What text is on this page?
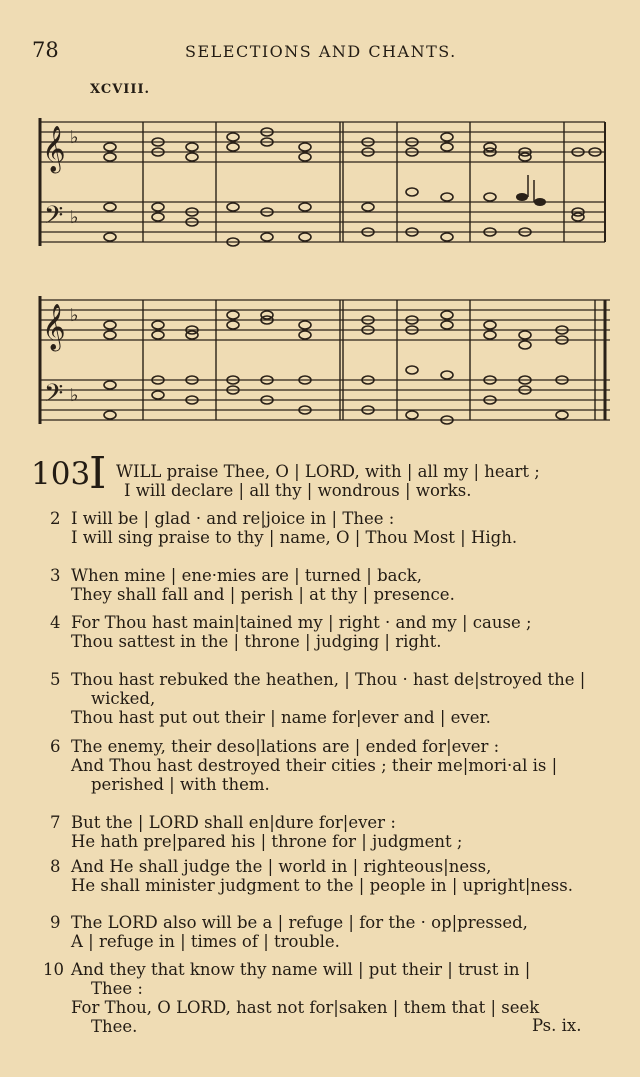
78	SELECTIONS AND CHANTS.
XCVIII.
𝄞
𝄢
♭
♭
𝄞
𝄢
♭
♭
103
I WILL praise Thee, O | LORD, with | all my | heart ;
I will declare | all thy | wondrous | works.
2 I will be | glad · and re|joice in | Thee :
I will sing praise to thy | name, O | Thou Most | High.
3 When mine | ene·mies are | turned | back,
They shall fall and | perish | at thy | presence.
4 For Thou hast main|tained my | right · and my | cause ;
Thou sattest in the | throne | judging | right.
5 Thou hast rebuked the heathen, | Thou · hast de|stroyed the |
wicked,
Thou hast put out their | name for|ever and | ever.
6 The enemy, their deso|lations are | ended for|ever :
And Thou hast destroyed their cities ; their me|mori·al is |
perished | with them.
7 But the | LORD shall en|dure for|ever :
He hath pre|pared his | throne for | judgment ;
8 And He shall judge the | world in | righteous|ness,
He shall minister judgment to the | people in | upright|ness.
9 The LORD also will be a | refuge | for the · op|pressed,
A | refuge in | times of | trouble.
10 And they that know thy name will | put their | trust in |
Thee :
For Thou, O LORD, hast not for|saken | them that | seek
Thee.	Ps. ix.
